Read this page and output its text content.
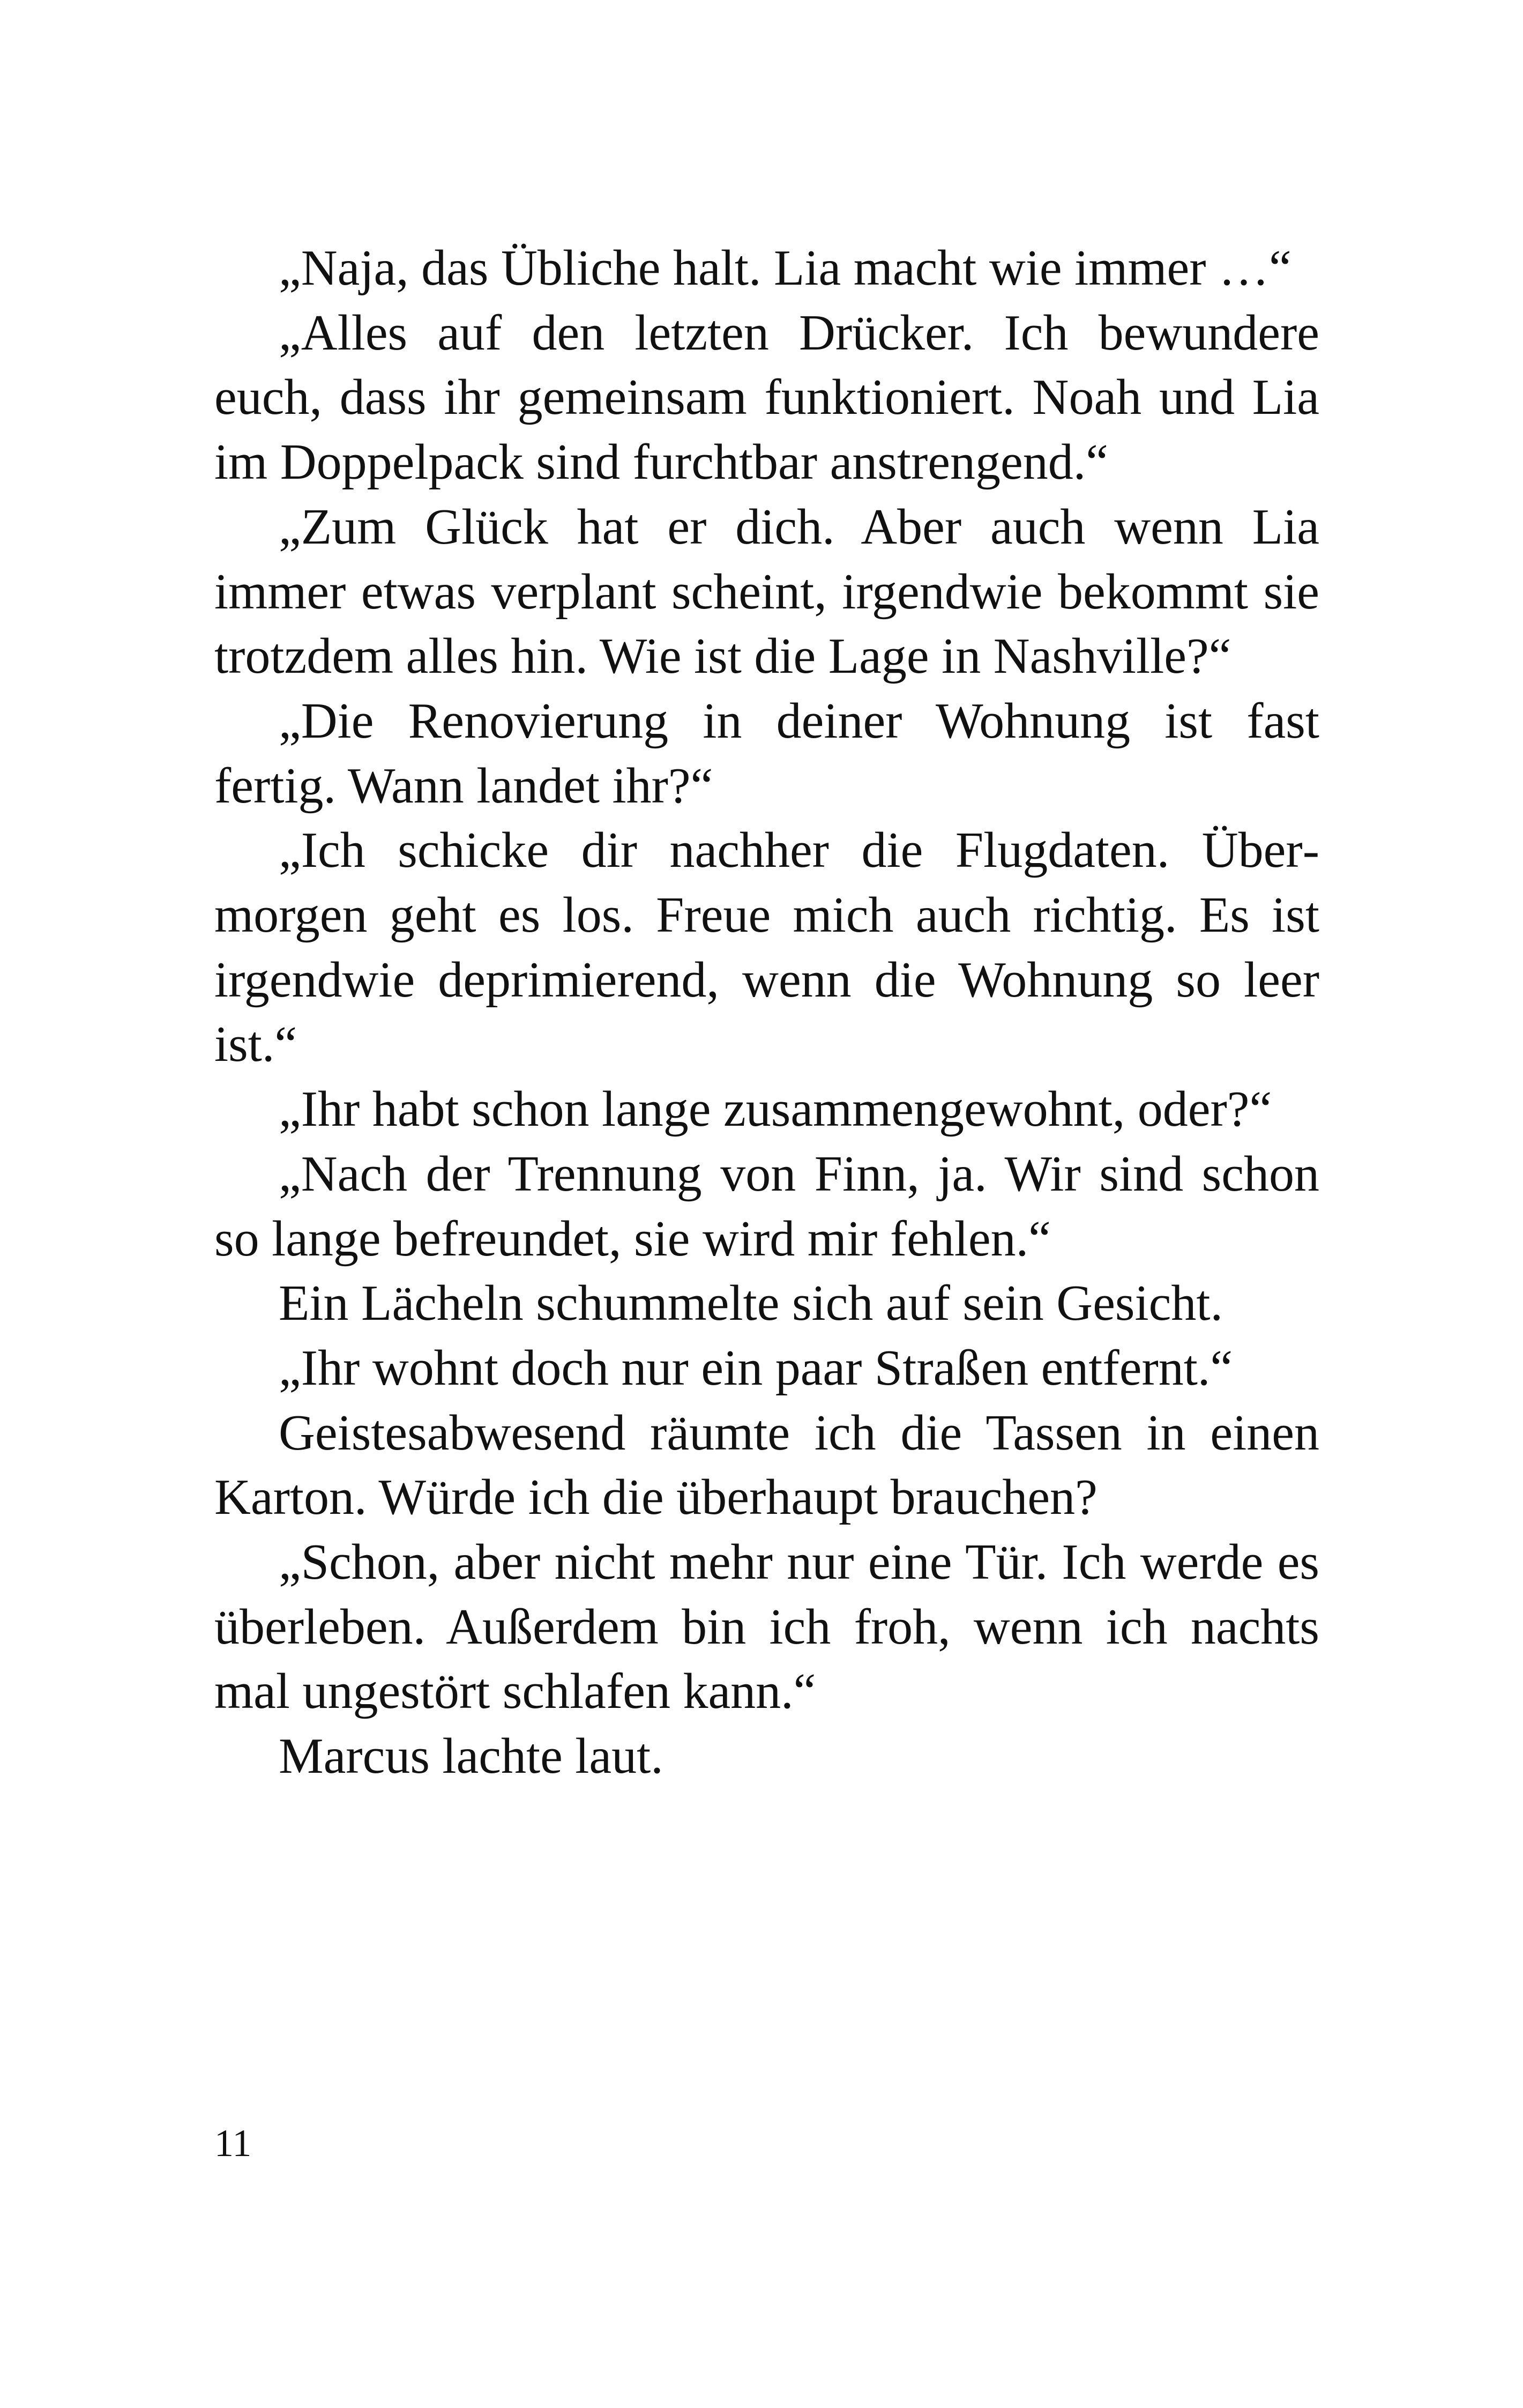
„Naja, das Übliche halt. Lia macht wie immer …“

„Alles auf den letzten Drücker. Ich bewundere euch, dass ihr gemeinsam funktioniert. Noah und Lia im Doppelpack sind furchtbar anstrengend.“

„Zum Glück hat er dich. Aber auch wenn Lia immer etwas verplant scheint, irgendwie bekommt sie trotzdem alles hin. Wie ist die Lage in Nashville?“

„Die Renovierung in deiner Wohnung ist fast fertig. Wann landet ihr?“

„Ich schicke dir nachher die Flugdaten. Übermorgen geht es los. Freue mich auch richtig. Es ist irgendwie deprimierend, wenn die Wohnung so leer ist.“

„Ihr habt schon lange zusammengewohnt, oder?“

„Nach der Trennung von Finn, ja. Wir sind schon so lange befreundet, sie wird mir fehlen.“

Ein Lächeln schummelte sich auf sein Gesicht.

„Ihr wohnt doch nur ein paar Straßen entfernt.“

Geistesabwesend räumte ich die Tassen in einen Karton. Würde ich die überhaupt brauchen?

„Schon, aber nicht mehr nur eine Tür. Ich werde es überleben. Außerdem bin ich froh, wenn ich nachts mal ungestört schlafen kann.“

Marcus lachte laut.

11
